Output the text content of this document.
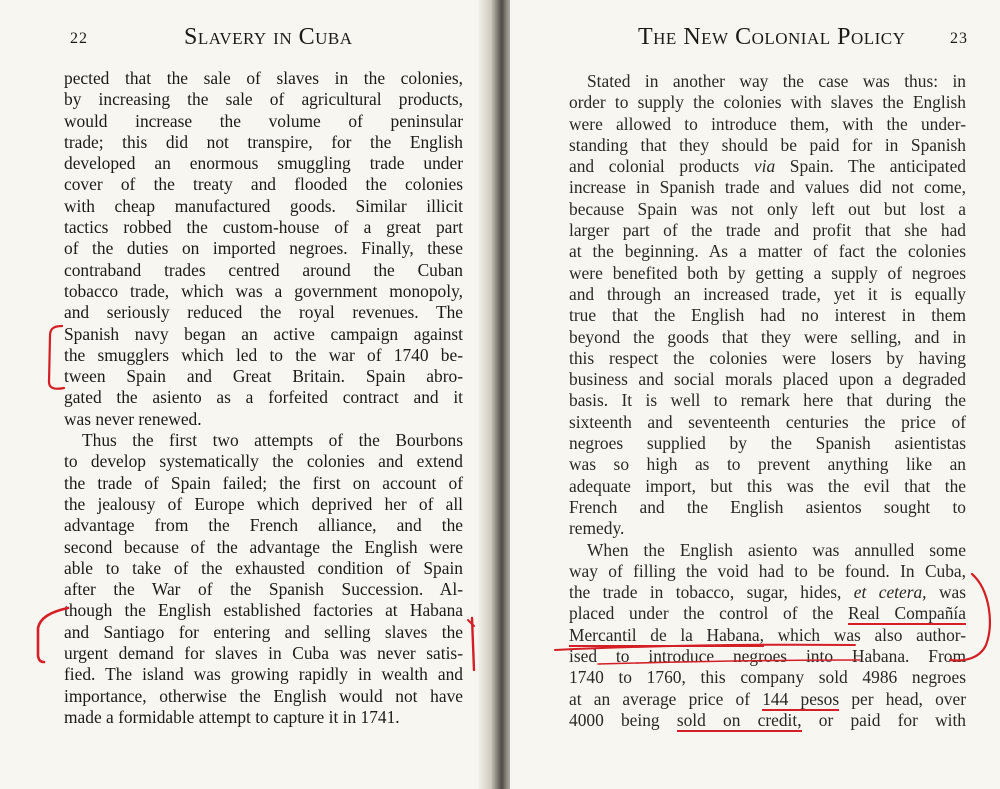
22	Slavery in Cuba
pected that the sale of slaves in the colonies,
by increasing the sale of agricultural products,
would increase the volume of peninsular
trade; this did not transpire, for the English
developed an enormous smuggling trade under
cover of the treaty and flooded the colonies
with cheap manufactured goods. Similar illicit
tactics robbed the custom-house of a great part
of the duties on imported negroes. Finally, these
contraband trades centred around the Cuban
tobacco trade, which was a government monopoly,
and seriously reduced the royal revenues. The
Spanish navy began an active campaign against
the smugglers which led to the war of 1740 be-
tween Spain and Great Britain. Spain abro-
gated the asiento as a forfeited contract and it
was never renewed.
Thus the first two attempts of the Bourbons
to develop systematically the colonies and extend
the trade of Spain failed; the first on account of
the jealousy of Europe which deprived her of all
advantage from the French alliance, and the
second because of the advantage the English were
able to take of the exhausted condition of Spain
after the War of the Spanish Succession. Al-
though the English established factories at Habana
and Santiago for entering and selling slaves the
urgent demand for slaves in Cuba was never satis-
fied. The island was growing rapidly in wealth and
importance, otherwise the English would not have
made a formidable attempt to capture it in 1741.
The New Colonial Policy	23
Stated in another way the case was thus: in
order to supply the colonies with slaves the English
were allowed to introduce them, with the under-
standing that they should be paid for in Spanish
and colonial products via Spain. The anticipated
increase in Spanish trade and values did not come,
because Spain was not only left out but lost a
larger part of the trade and profit that she had
at the beginning. As a matter of fact the colonies
were benefited both by getting a supply of negroes
and through an increased trade, yet it is equally
true that the English had no interest in them
beyond the goods that they were selling, and in
this respect the colonies were losers by having
business and social morals placed upon a degraded
basis. It is well to remark here that during the
sixteenth and seventeenth centuries the price of
negroes supplied by the Spanish asientistas
was so high as to prevent anything like an
adequate import, but this was the evil that the
French and the English asientos sought to
remedy.
When the English asiento was annulled some
way of filling the void had to be found. In Cuba,
the trade in tobacco, sugar, hides, et cetera, was
placed under the control of the Real Compañía
Mercantil de la Habana, which was also author-
ised to introduce negroes into Habana. From
1740 to 1760, this company sold 4986 negroes
at an average price of 144 pesos per head, over
4000 being sold on credit, or paid for with
